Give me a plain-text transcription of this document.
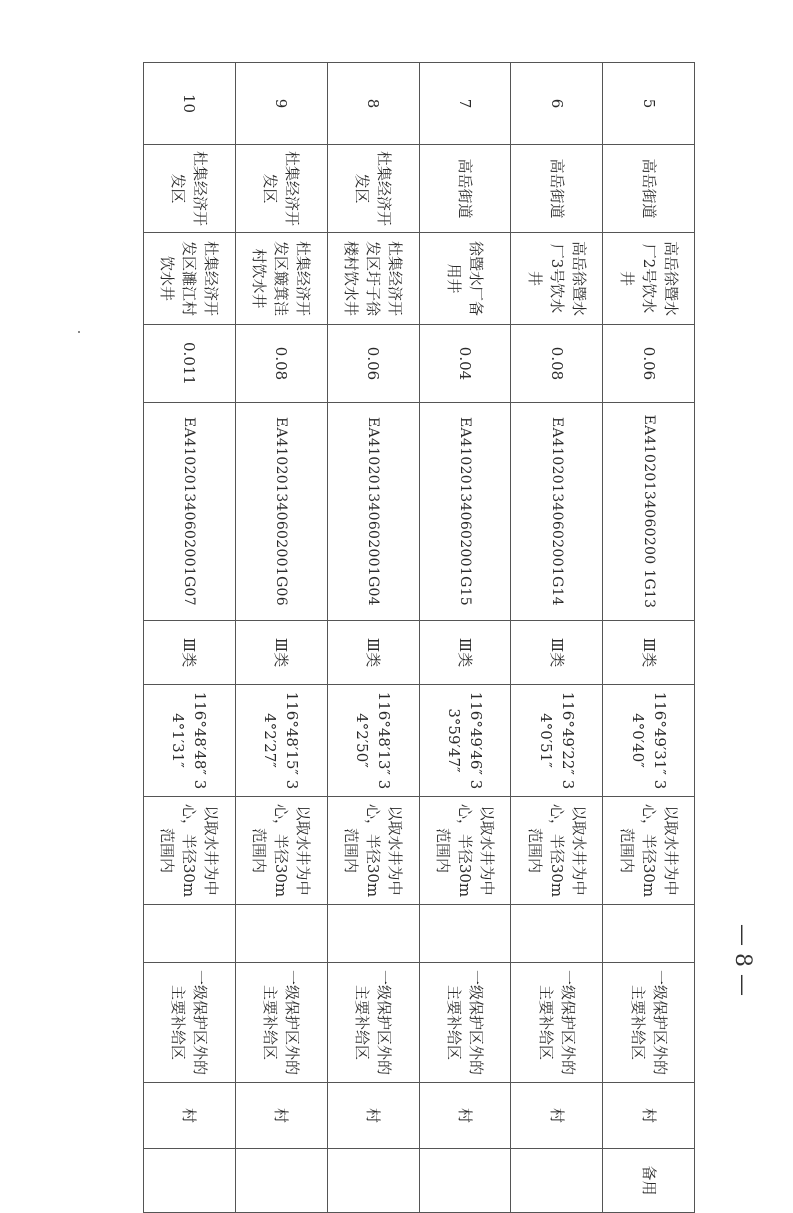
5	高岳街道	高岳徐暨水厂2号饮水井	0.06	EA41020134060200 1G13	Ⅲ类	116°49′31″ 34°0′40″	以取水井为中心，半径30m范围内		一级保护区外的主要补给区	村	备用
6	高岳街道	高岳徐暨水厂3号饮水井	0.08	EA410201340602001G14	Ⅲ类	116°49′22″ 34°0′51″	以取水井为中心，半径30m范围内		一级保护区外的主要补给区	村	
7	高岳街道	徐暨水厂备用井	0.04	EA410201340602001G15	Ⅲ类	116°49′46″ 33°59′47″	以取水井为中心，半径30m范围内		一级保护区外的主要补给区	村	
8	杜集经济开发区	杜集经济开发区圩子徐楼村饮水井	0.06	EA410201340602001G04	Ⅲ类	116°48′13″ 34°2′50″	以取水井为中心，半径30m范围内		一级保护区外的主要补给区	村	
9	杜集经济开发区	杜集经济开发区簸箕洼村饮水井	0.08	EA410201340602001G06	Ⅲ类	116°48′15″ 34°2′27″	以取水井为中心，半径30m范围内		一级保护区外的主要补给区	村	
10	杜集经济开发区	杜集经济开发区濉江村饮水井	0.011	EA410201340602001G07	Ⅲ类	116°48′48″ 34°1′31″	以取水井为中心，半径30m范围内		一级保护区外的主要补给区	村	
— 8 —
